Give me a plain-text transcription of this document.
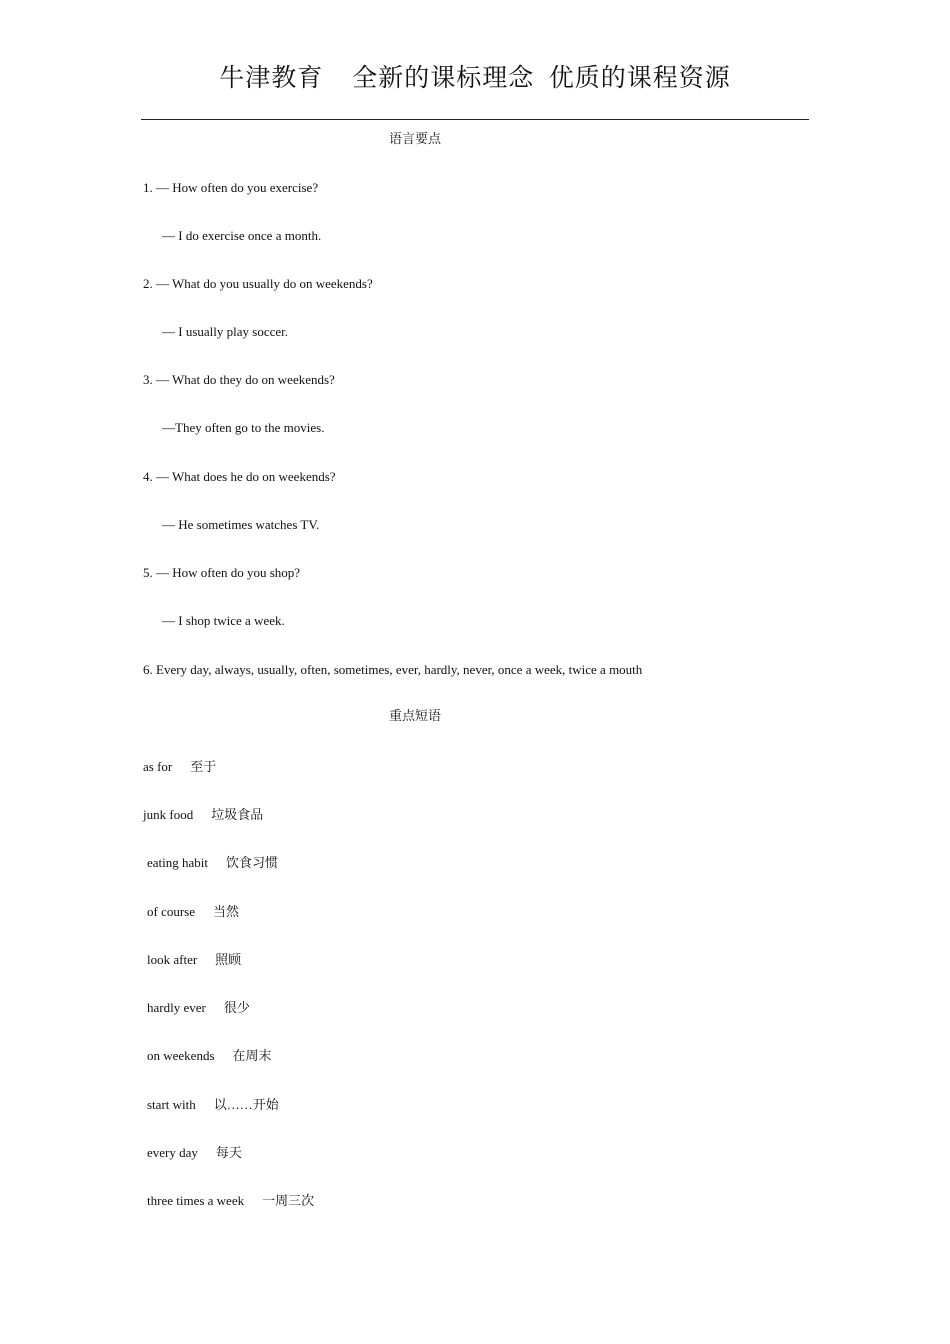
牛津教育 全新的课标理念  优质的课程资源
语言要点
1. — How often do you exercise?
— I do exercise once a month.
2. — What do you usually do on weekends?
— I usually play soccer.
3. — What do they do on weekends?
—They often go to the movies.
4. — What does he do on weekends?
— He sometimes watches TV.
5. — How often do you shop?
— I shop twice a week.
6. Every day, always, usually, often, sometimes, ever, hardly, never, once a week, twice a mouth
重点短语
as for 至于
junk food 垃圾食品
eating habit 饮食习惯
of course 当然
look after 照顾
hardly ever 很少
on weekends 在周末
start with 以……开始
every day 每天
three times a week 一周三次
